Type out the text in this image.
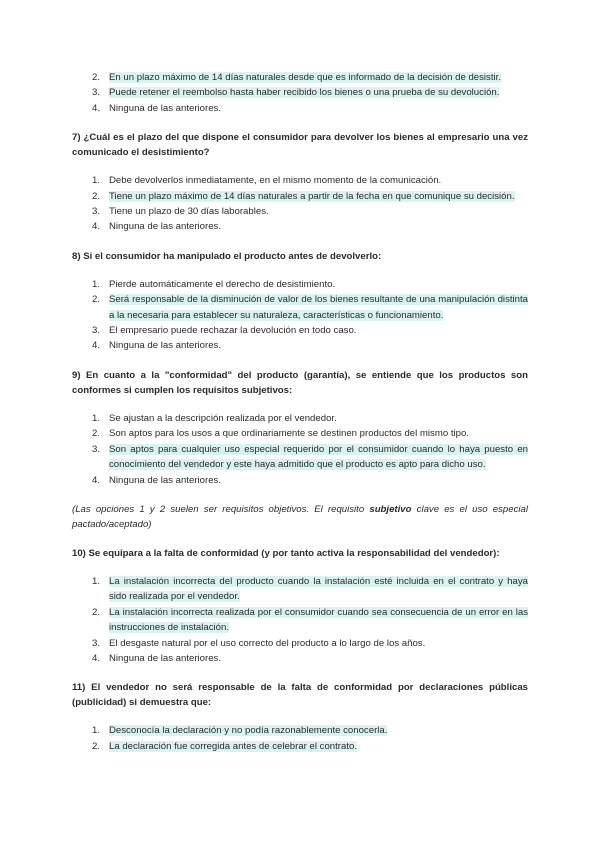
2. En un plazo máximo de 14 días naturales desde que es informado de la decisión de desistir.
3. Puede retener el reembolso hasta haber recibido los bienes o una prueba de su devolución.
4. Ninguna de las anteriores.

7) ¿Cuál es el plazo del que dispone el consumidor para devolver los bienes al empresario una vez comunicado el desistimiento?

1. Debe devolverlos inmediatamente, en el mismo momento de la comunicación.
2. Tiene un plazo máximo de 14 días naturales a partir de la fecha en que comunique su decisión.
3. Tiene un plazo de 30 días laborables.
4. Ninguna de las anteriores.

8) Si el consumidor ha manipulado el producto antes de devolverlo:

1. Pierde automáticamente el derecho de desistimiento.
2. Será responsable de la disminución de valor de los bienes resultante de una manipulación distinta a la necesaria para establecer su naturaleza, características o funcionamiento.
3. El empresario puede rechazar la devolución en todo caso.
4. Ninguna de las anteriores.

9) En cuanto a la "conformidad" del producto (garantía), se entiende que los productos son conformes si cumplen los requisitos subjetivos:

1. Se ajustan a la descripción realizada por el vendedor.
2. Son aptos para los usos a que ordinariamente se destinen productos del mismo tipo.
3. Son aptos para cualquier uso especial requerido por el consumidor cuando lo haya puesto en conocimiento del vendedor y este haya admitido que el producto es apto para dicho uso.
4. Ninguna de las anteriores.

(Las opciones 1 y 2 suelen ser requisitos objetivos. El requisito subjetivo clave es el uso especial pactado/aceptado)

10) Se equipara a la falta de conformidad (y por tanto activa la responsabilidad del vendedor):

1. La instalación incorrecta del producto cuando la instalación esté incluida en el contrato y haya sido realizada por el vendedor.
2. La instalación incorrecta realizada por el consumidor cuando sea consecuencia de un error en las instrucciones de instalación.
3. El desgaste natural por el uso correcto del producto a lo largo de los años.
4. Ninguna de las anteriores.

11) El vendedor no será responsable de la falta de conformidad por declaraciones públicas (publicidad) si demuestra que:

1. Desconocía la declaración y no podía razonablemente conocerla.
2. La declaración fue corregida antes de celebrar el contrato.
